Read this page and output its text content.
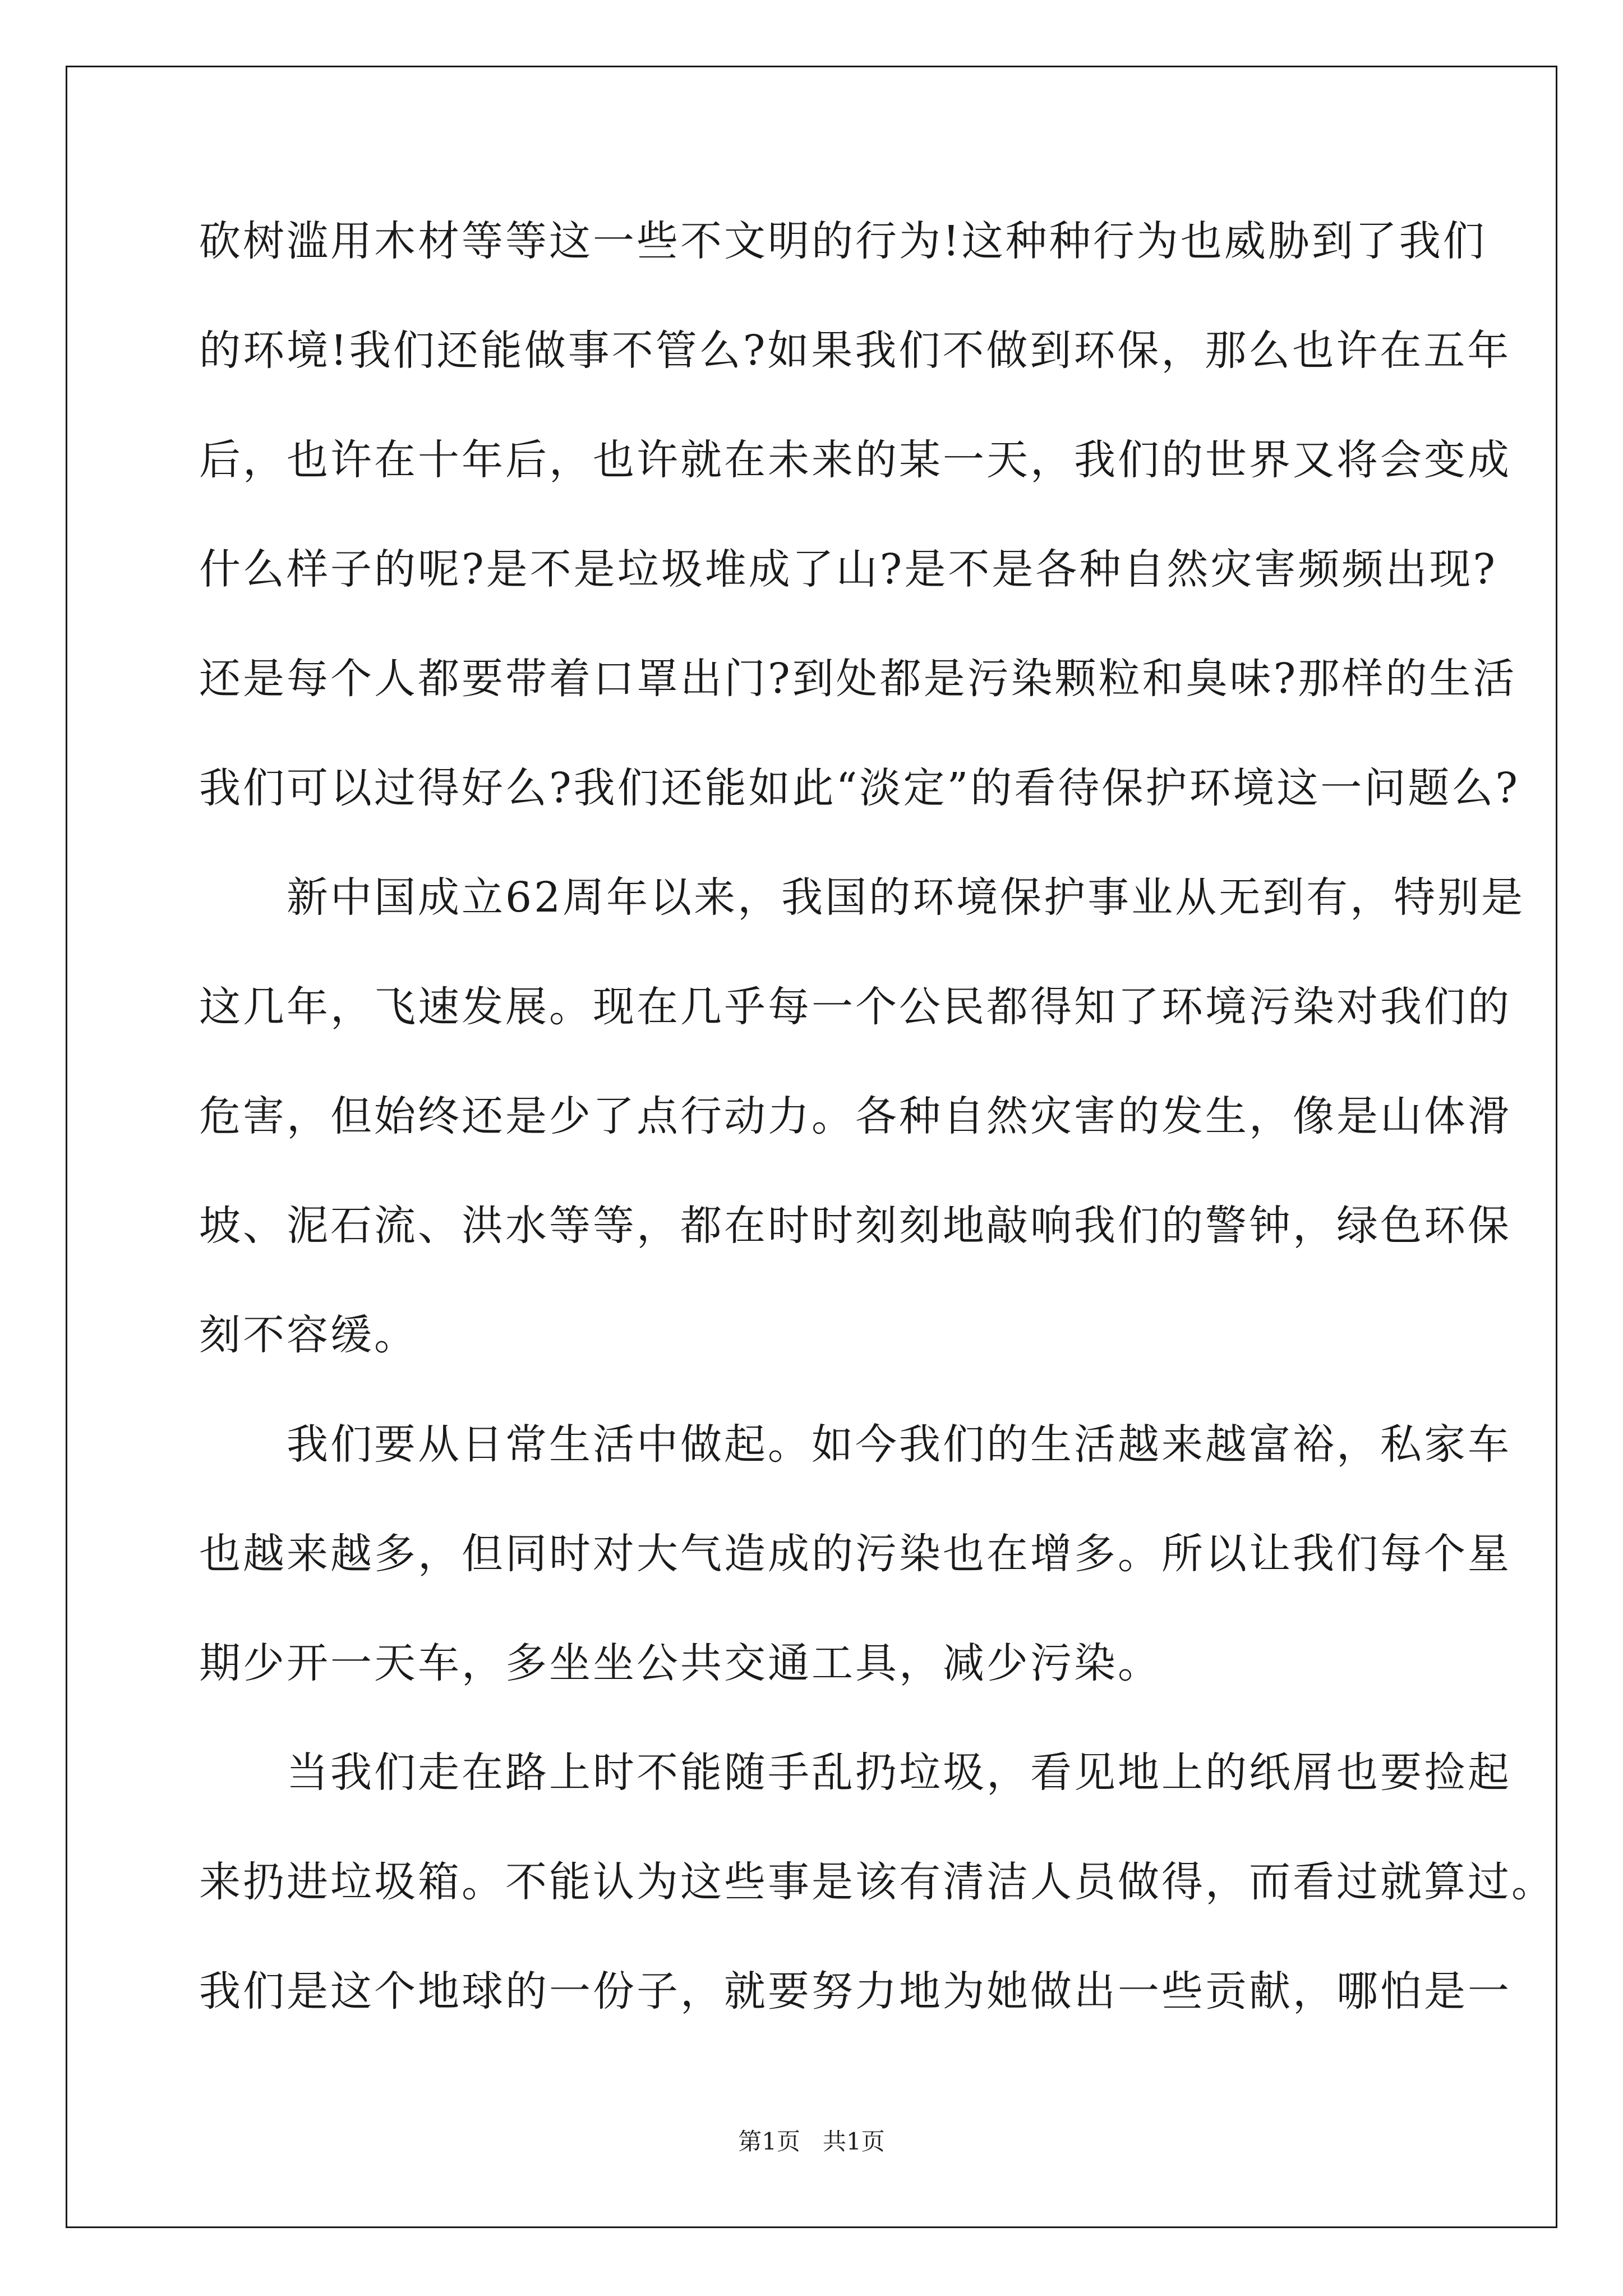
砍树滥用木材等等这一些不文明的行为!这种种行为也威胁到了我们
的环境!我们还能做事不管么?如果我们不做到环保，那么也许在五年
后，也许在十年后，也许就在未来的某一天，我们的世界又将会变成
什么样子的呢?是不是垃圾堆成了山?是不是各种自然灾害频频出现?
还是每个人都要带着口罩出门?到处都是污染颗粒和臭味?那样的生活
我们可以过得好么?我们还能如此“淡定”的看待保护环境这一问题么?
　　新中国成立62周年以来，我国的环境保护事业从无到有，特别是
这几年，飞速发展。现在几乎每一个公民都得知了环境污染对我们的
危害，但始终还是少了点行动力。各种自然灾害的发生，像是山体滑
坡、泥石流、洪水等等，都在时时刻刻地敲响我们的警钟，绿色环保
刻不容缓。
　　我们要从日常生活中做起。如今我们的生活越来越富裕，私家车
也越来越多，但同时对大气造成的污染也在增多。所以让我们每个星
期少开一天车，多坐坐公共交通工具，减少污染。
　　当我们走在路上时不能随手乱扔垃圾，看见地上的纸屑也要捡起
来扔进垃圾箱。不能认为这些事是该有清洁人员做得，而看过就算过。
我们是这个地球的一份子，就要努力地为她做出一些贡献，哪怕是一
第1页 共1页
